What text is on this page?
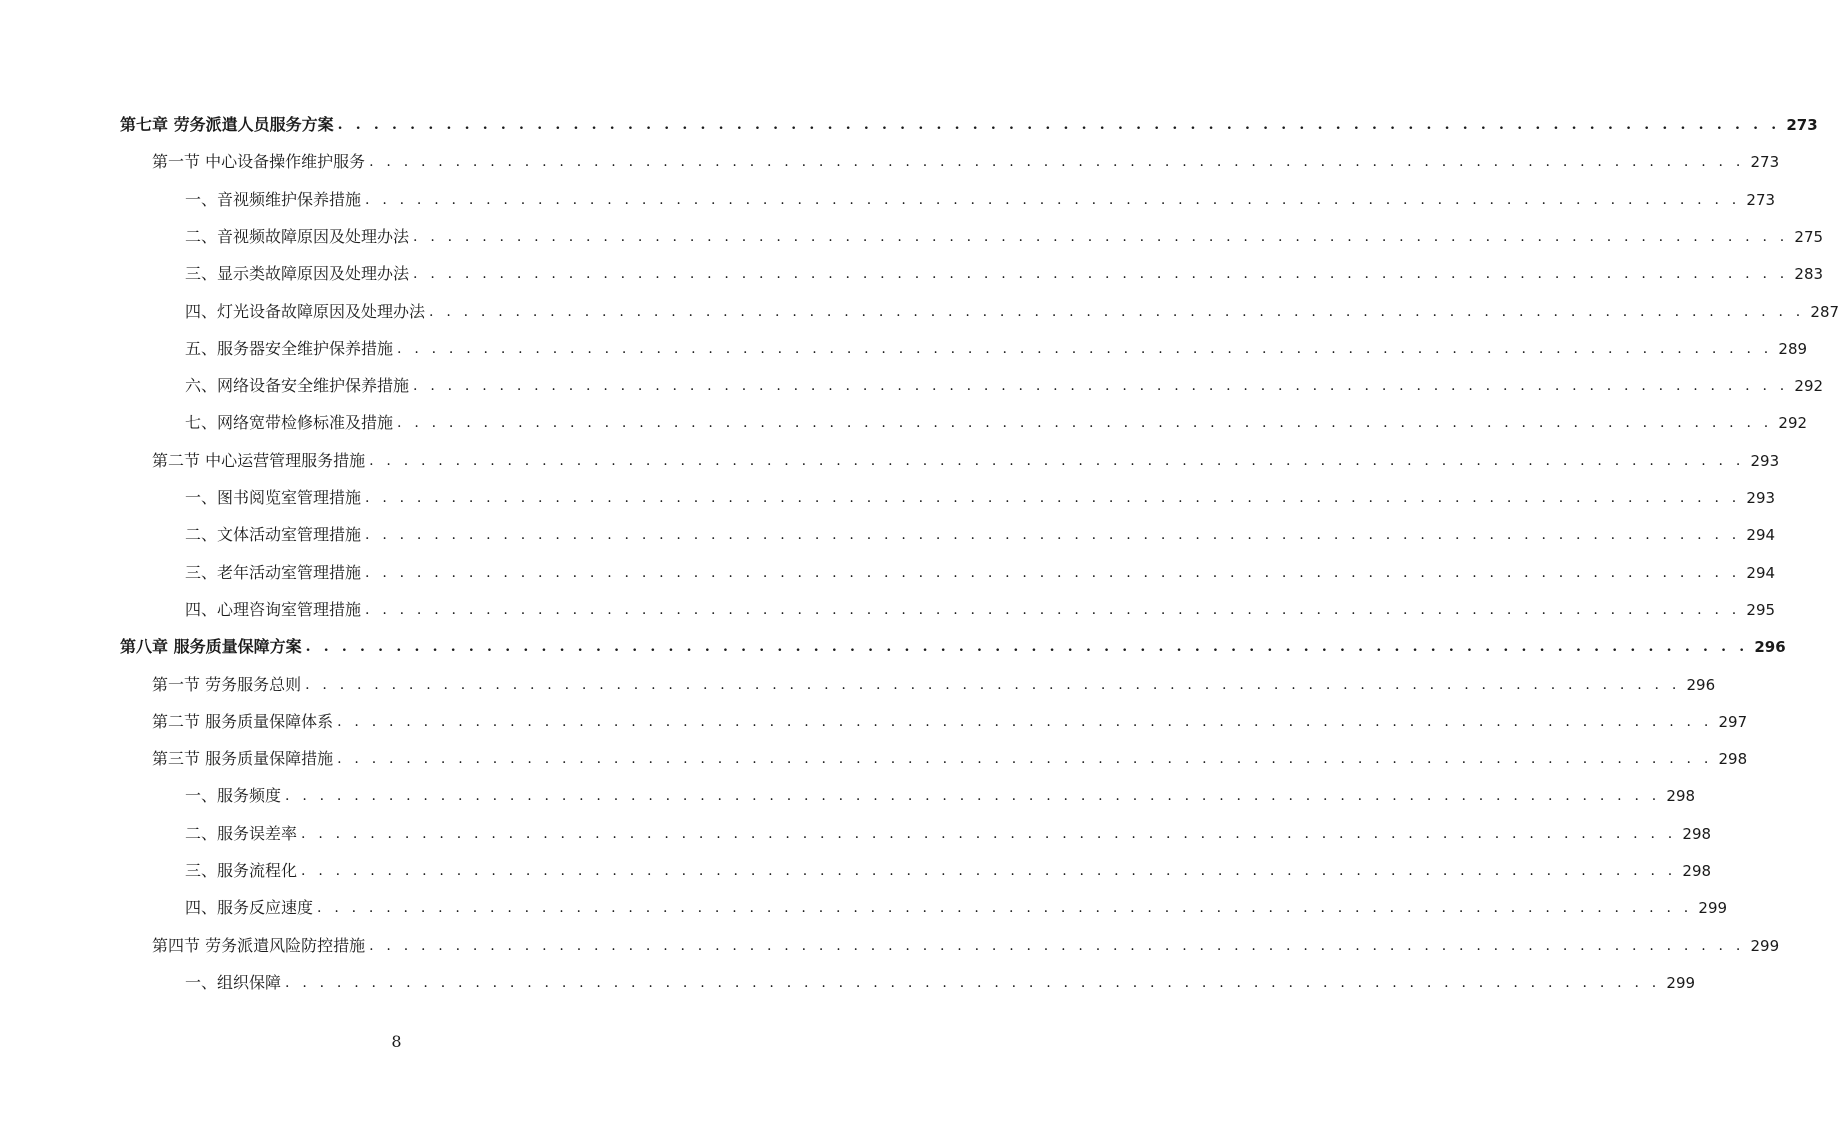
第七章 劳务派遣人员服务方案 . . . . . . . . . . . . . . . . . . . . . . . . . . . . . . . . . . . . . . . . . . . . . . . . . . . . . . . . . . . . . . . . . . . . . . . . . . . . . . . . 273
第一节 中心设备操作维护服务 . . . . . . . . . . . . . . . . . . . . . . . . . . . . . . . . . . . . . . . . . . . . . . . . . . . . . . . . . . . . . . . . . . . . . . . . . . . . . . . . 273
一、音视频维护保养措施 . . . . . . . . . . . . . . . . . . . . . . . . . . . . . . . . . . . . . . . . . . . . . . . . . . . . . . . . . . . . . . . . . . . . . . . . . . . . . . . . 273
二、音视频故障原因及处理办法 . . . . . . . . . . . . . . . . . . . . . . . . . . . . . . . . . . . . . . . . . . . . . . . . . . . . . . . . . . . . . . . . . . . . . . . . . . . . . . . . 275
三、显示类故障原因及处理办法 . . . . . . . . . . . . . . . . . . . . . . . . . . . . . . . . . . . . . . . . . . . . . . . . . . . . . . . . . . . . . . . . . . . . . . . . . . . . . . . . 283
四、灯光设备故障原因及处理办法 . . . . . . . . . . . . . . . . . . . . . . . . . . . . . . . . . . . . . . . . . . . . . . . . . . . . . . . . . . . . . . . . . . . . . . . . . . . . . . . . 287
五、服务器安全维护保养措施 . . . . . . . . . . . . . . . . . . . . . . . . . . . . . . . . . . . . . . . . . . . . . . . . . . . . . . . . . . . . . . . . . . . . . . . . . . . . . . . . 289
六、网络设备安全维护保养措施 . . . . . . . . . . . . . . . . . . . . . . . . . . . . . . . . . . . . . . . . . . . . . . . . . . . . . . . . . . . . . . . . . . . . . . . . . . . . . . . . 292
七、网络宽带检修标准及措施 . . . . . . . . . . . . . . . . . . . . . . . . . . . . . . . . . . . . . . . . . . . . . . . . . . . . . . . . . . . . . . . . . . . . . . . . . . . . . . . . 292
第二节 中心运营管理服务措施 . . . . . . . . . . . . . . . . . . . . . . . . . . . . . . . . . . . . . . . . . . . . . . . . . . . . . . . . . . . . . . . . . . . . . . . . . . . . . . . . 293
一、图书阅览室管理措施 . . . . . . . . . . . . . . . . . . . . . . . . . . . . . . . . . . . . . . . . . . . . . . . . . . . . . . . . . . . . . . . . . . . . . . . . . . . . . . . . 293
二、文体活动室管理措施 . . . . . . . . . . . . . . . . . . . . . . . . . . . . . . . . . . . . . . . . . . . . . . . . . . . . . . . . . . . . . . . . . . . . . . . . . . . . . . . . 294
三、老年活动室管理措施 . . . . . . . . . . . . . . . . . . . . . . . . . . . . . . . . . . . . . . . . . . . . . . . . . . . . . . . . . . . . . . . . . . . . . . . . . . . . . . . . 294
四、心理咨询室管理措施 . . . . . . . . . . . . . . . . . . . . . . . . . . . . . . . . . . . . . . . . . . . . . . . . . . . . . . . . . . . . . . . . . . . . . . . . . . . . . . . . 295
第八章 服务质量保障方案 . . . . . . . . . . . . . . . . . . . . . . . . . . . . . . . . . . . . . . . . . . . . . . . . . . . . . . . . . . . . . . . . . . . . . . . . . . . . . . . . 296
第一节 劳务服务总则 . . . . . . . . . . . . . . . . . . . . . . . . . . . . . . . . . . . . . . . . . . . . . . . . . . . . . . . . . . . . . . . . . . . . . . . . . . . . . . . . 296
第二节 服务质量保障体系 . . . . . . . . . . . . . . . . . . . . . . . . . . . . . . . . . . . . . . . . . . . . . . . . . . . . . . . . . . . . . . . . . . . . . . . . . . . . . . . . 297
第三节 服务质量保障措施 . . . . . . . . . . . . . . . . . . . . . . . . . . . . . . . . . . . . . . . . . . . . . . . . . . . . . . . . . . . . . . . . . . . . . . . . . . . . . . . . 298
一、服务频度 . . . . . . . . . . . . . . . . . . . . . . . . . . . . . . . . . . . . . . . . . . . . . . . . . . . . . . . . . . . . . . . . . . . . . . . . . . . . . . . . 298
二、服务误差率 . . . . . . . . . . . . . . . . . . . . . . . . . . . . . . . . . . . . . . . . . . . . . . . . . . . . . . . . . . . . . . . . . . . . . . . . . . . . . . . . 298
三、服务流程化 . . . . . . . . . . . . . . . . . . . . . . . . . . . . . . . . . . . . . . . . . . . . . . . . . . . . . . . . . . . . . . . . . . . . . . . . . . . . . . . . 298
四、服务反应速度 . . . . . . . . . . . . . . . . . . . . . . . . . . . . . . . . . . . . . . . . . . . . . . . . . . . . . . . . . . . . . . . . . . . . . . . . . . . . . . . . 299
第四节 劳务派遣风险防控措施 . . . . . . . . . . . . . . . . . . . . . . . . . . . . . . . . . . . . . . . . . . . . . . . . . . . . . . . . . . . . . . . . . . . . . . . . . . . . . . . . 299
一、组织保障 . . . . . . . . . . . . . . . . . . . . . . . . . . . . . . . . . . . . . . . . . . . . . . . . . . . . . . . . . . . . . . . . . . . . . . . . . . . . . . . . 299
8
